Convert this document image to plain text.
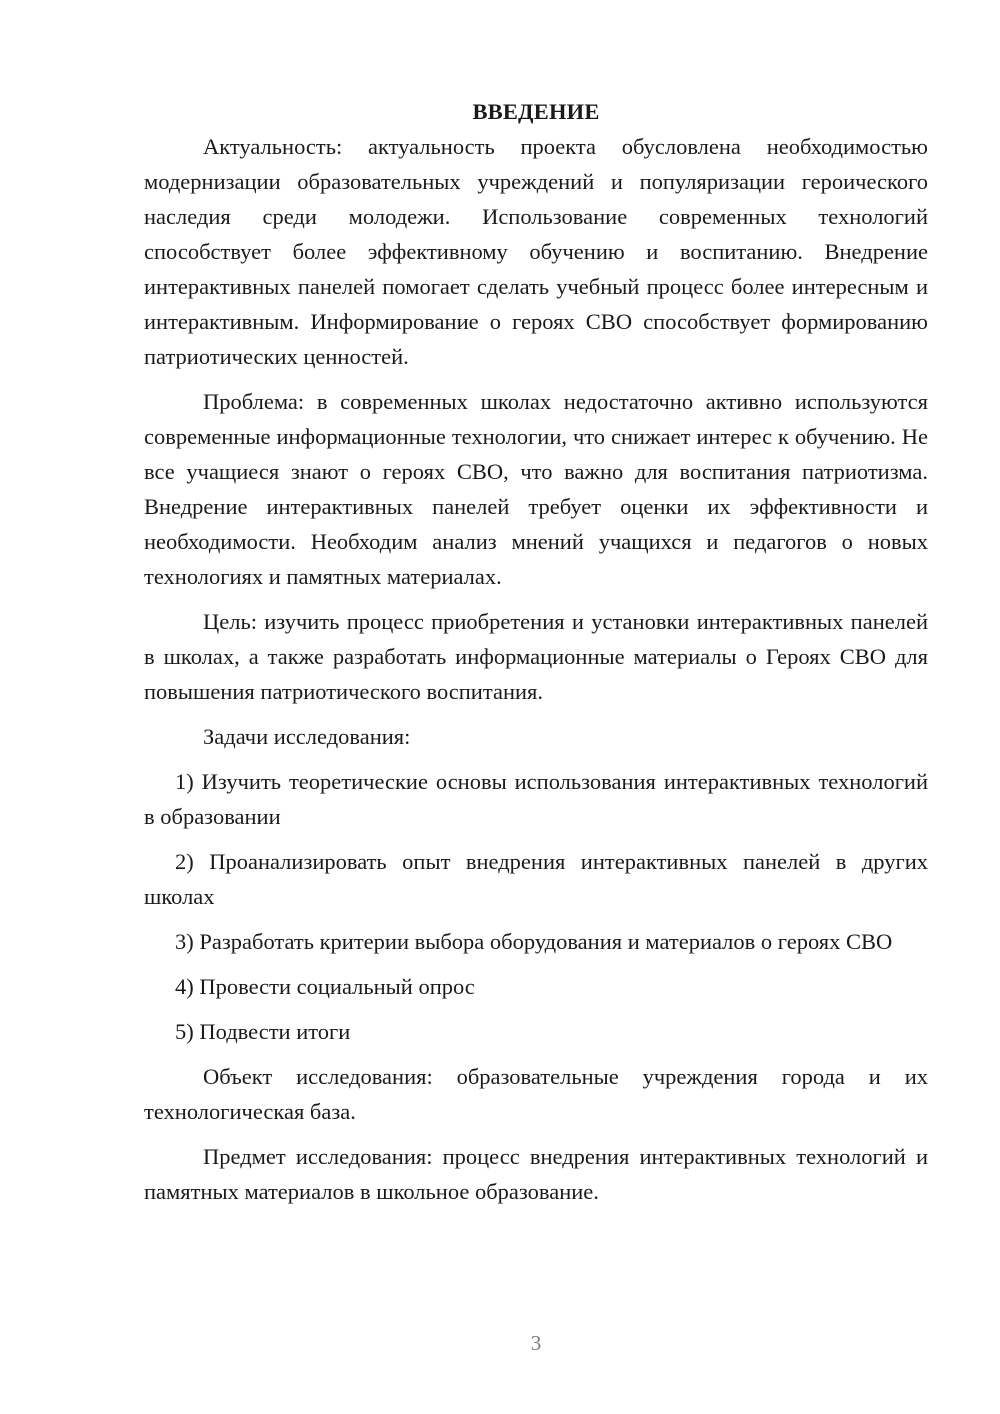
ВВЕДЕНИЕ

Актуальность: актуальность проекта обусловлена необходимостью модернизации образовательных учреждений и популяризации героического наследия среди молодежи. Использование современных технологий способствует более эффективному обучению и воспитанию. Внедрение интерактивных панелей помогает сделать учебный процесс более интересным и интерактивным. Информирование о героях СВО способствует формированию патриотических ценностей.

Проблема: в современных школах недостаточно активно используются современные информационные технологии, что снижает интерес к обучению. Не все учащиеся знают о героях СВО, что важно для воспитания патриотизма. Внедрение интерактивных панелей требует оценки их эффективности и необходимости. Необходим анализ мнений учащихся и педагогов о новых технологиях и памятных материалах.

Цель: изучить процесс приобретения и установки интерактивных панелей в школах, а также разработать информационные материалы о Героях СВО для повышения патриотического воспитания.

Задачи исследования:

1) Изучить теоретические основы использования интерактивных технологий в образовании

2) Проанализировать опыт внедрения интерактивных панелей в других школах

3) Разработать критерии выбора оборудования и материалов о героях СВО

4) Провести социальный опрос

5) Подвести итоги

Объект исследования: образовательные учреждения города и их технологическая база.

Предмет исследования: процесс внедрения интерактивных технологий и памятных материалов в школьное образование.

3
